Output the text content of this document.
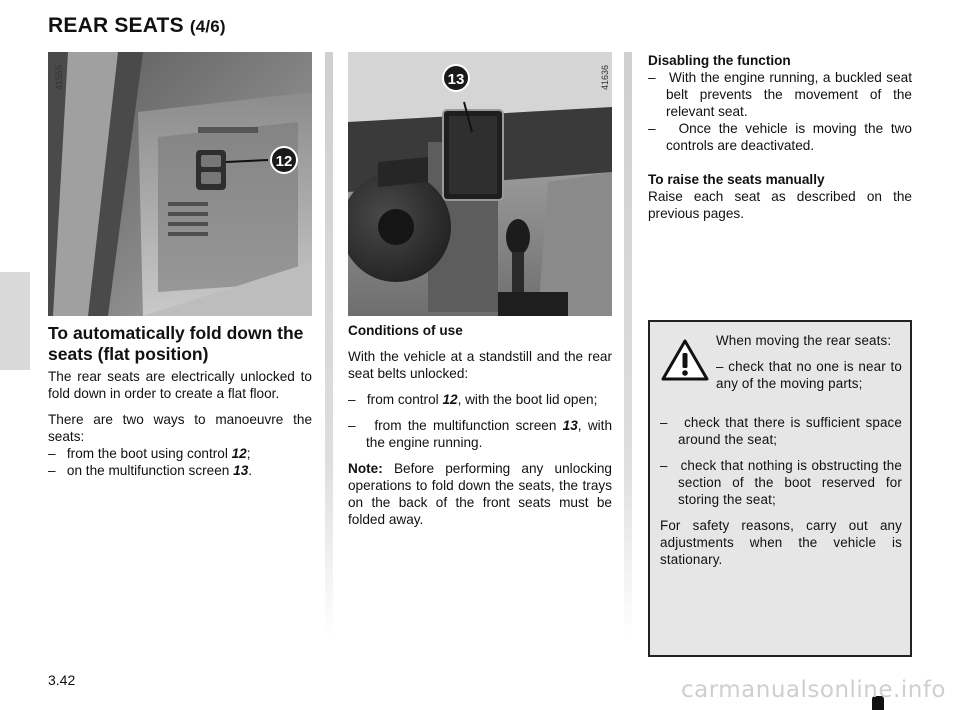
REAR SEATS (4/6)
12
41555	13	41636
To automatically fold down the seats (flat position)

The rear seats are electrically unlocked to fold down in order to create a flat floor.

There are two ways to manoeuvre the seats:

–   from the boot using control 12;
–   on the multifunction screen 13.

Conditions of use

With the vehicle at a standstill and the rear seat belts unlocked:

–   from control 12, with the boot lid open;
–   from the multifunction screen 13, with the engine running.

Note: Before performing any unlocking operations to fold down the seats, the trays on the back of the front seats must be folded away.

Disabling the function

–   With the engine running, a buckled seat belt prevents the movement of the relevant seat.
–   Once the vehicle is moving the two controls are deactivated.

To raise the seats manually

Raise each seat as described on the previous pages.

When moving the rear seats:

– check that no one is near to any of the moving parts;

–   check that there is sufficient space around the seat;
–   check that nothing is obstructing the section of the boot reserved for storing the seat;

For safety reasons, carry out any adjustments when the vehicle is stationary.

3.42	carmanualsonline.info
